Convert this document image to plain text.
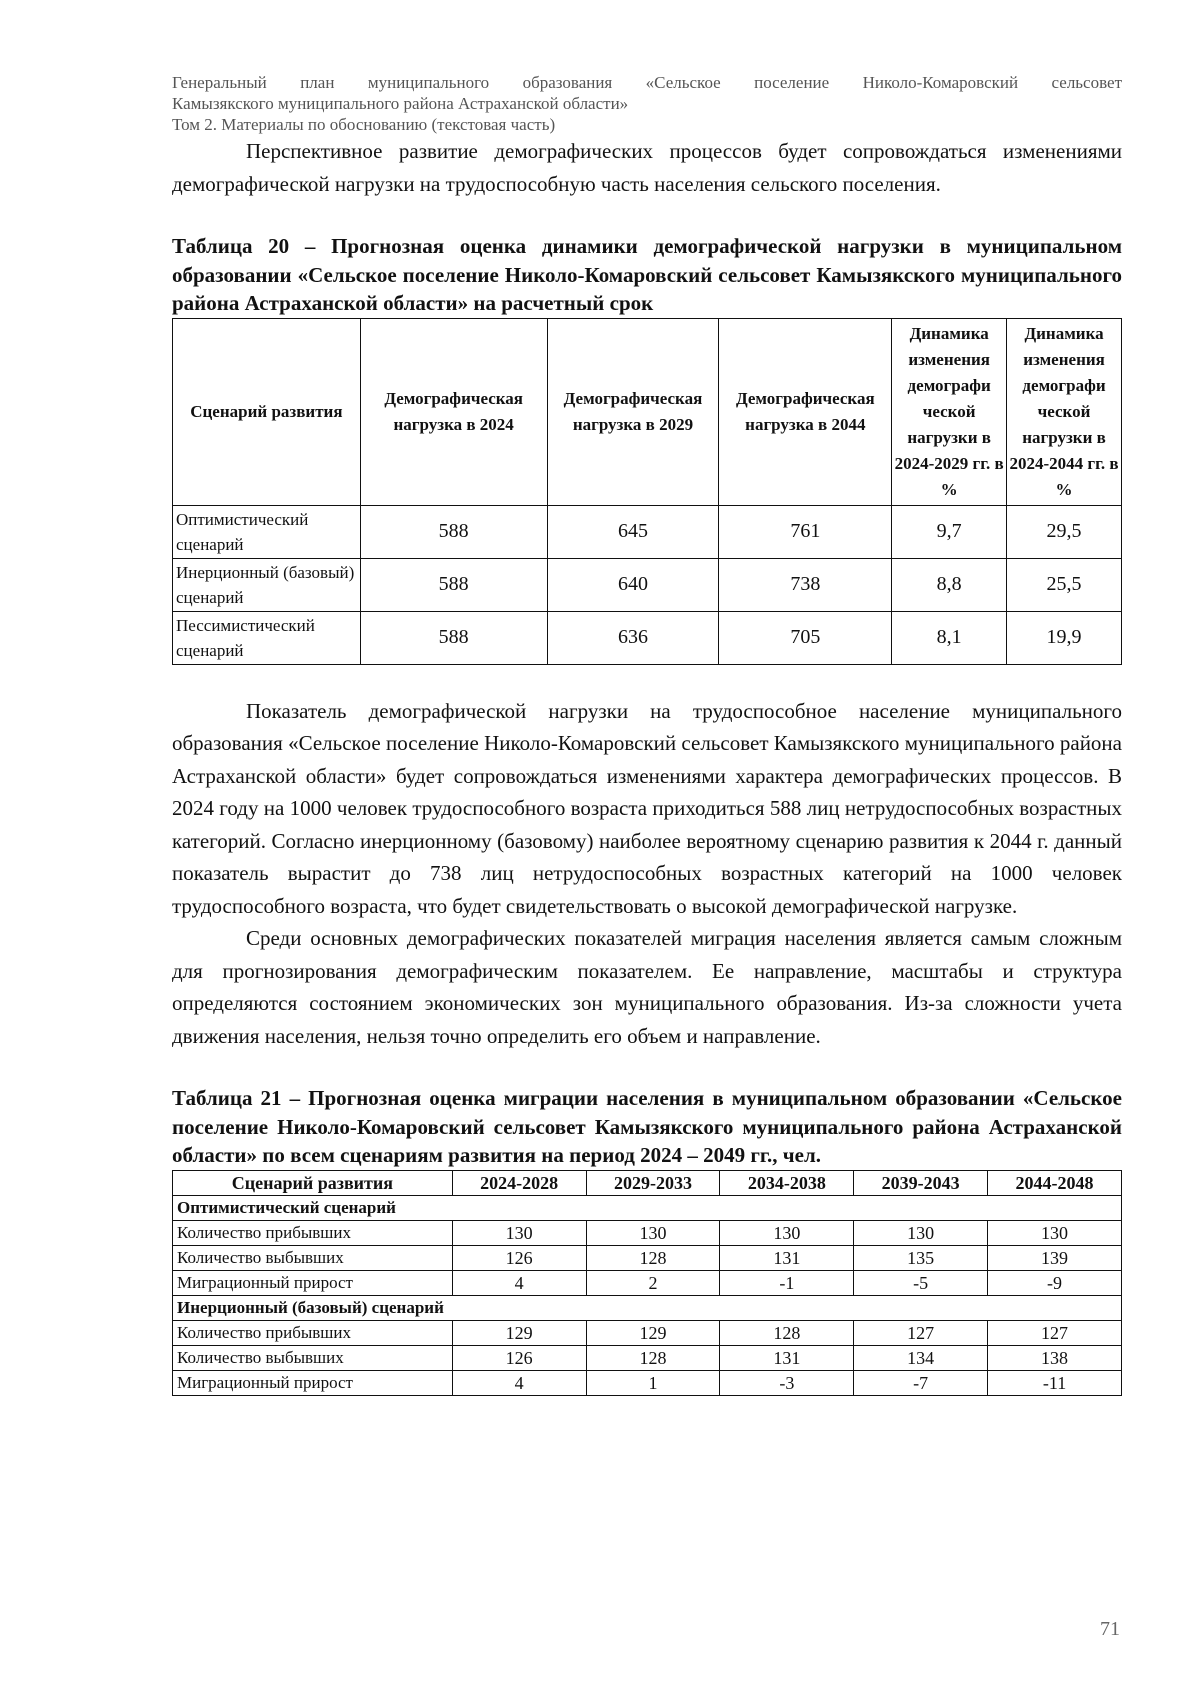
Генеральный план муниципального образования «Сельское поселение Николо-Комаровский сельсовет
Камызякского муниципального района Астраханской области»
Том 2. Материалы по обоснованию (текстовая часть)

Перспективное развитие демографических процессов будет сопровождаться изменениями демографической нагрузки на трудоспособную часть населения сельского поселения.

Таблица 20 – Прогнозная оценка динамики демографической нагрузки в муниципальном образовании «Сельское поселение Николо-Комаровский сельсовет Камызякского муниципального района Астраханской области» на расчетный срок

Сценарий развития	Демографическая нагрузка в 2024	Демографическая нагрузка в 2029	Демографическая нагрузка в 2044	Динамика изменения демографи ческой нагрузки в 2024-2029 гг. в %	Динамика изменения демографи ческой нагрузки в 2024-2044 гг. в %
Оптимистический сценарий	588	645	761	9,7	29,5
Инерционный (базовый) сценарий	588	640	738	8,8	25,5
Пессимистический сценарий	588	636	705	8,1	19,9

Показатель демографической нагрузки на трудоспособное население муниципального образования «Сельское поселение Николо-Комаровский сельсовет Камызякского муниципального района Астраханской области» будет сопровождаться изменениями характера демографических процессов. В 2024 году на 1000 человек трудоспособного возраста приходиться 588 лиц нетрудоспособных возрастных категорий. Согласно инерционному (базовому) наиболее вероятному сценарию развития к 2044 г. данный показатель вырастит до 738 лиц нетрудоспособных возрастных категорий на 1000 человек трудоспособного возраста, что будет свидетельствовать о высокой демографической нагрузке.

Среди основных демографических показателей миграция населения является самым сложным для прогнозирования демографическим показателем. Ее направление, масштабы и структура определяются состоянием экономических зон муниципального образования. Из-за сложности учета движения населения, нельзя точно определить его объем и направление.

Таблица 21 – Прогнозная оценка миграции населения в муниципальном образовании «Сельское поселение Николо-Комаровский сельсовет Камызякского муниципального района Астраханской области» по всем сценариям развития на период 2024 – 2049 гг., чел.

Сценарий развития	2024-2028	2029-2033	2034-2038	2039-2043	2044-2048
Оптимистический сценарий					
Количество прибывших	130	130	130	130	130
Количество выбывших	126	128	131	135	139
Миграционный прирост	4	2	-1	-5	-9
Инерционный (базовый) сценарий					
Количество прибывших	129	129	128	127	127
Количество выбывших	126	128	131	134	138
Миграционный прирост	4	1	-3	-7	-11
71
